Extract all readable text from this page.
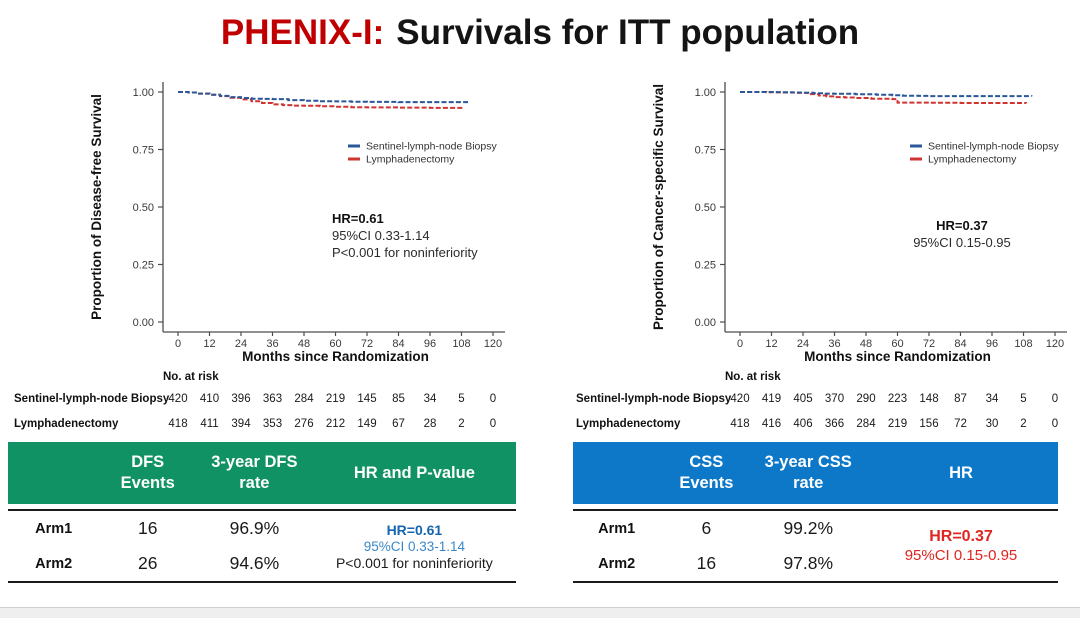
PHENIX-I: Survivals for ITT population
0.00
0.25
0.50
0.75
1.00
0 12 24 36 48 60 72 84 96 108 120
Proportion of Disease-free Survival
Months since Randomization
Sentinel-lymph-node Biopsy
Lymphadenectomy
HR=0.61
95%CI 0.33-1.14
P<0.001 for noninferiority
No. at risk
Sentinel-lymph-node Biopsy 420 410 396 363 284 219 145 85 34 5 0
Lymphadenectomy	418 411 394 353 276 212 149 67 28 2 0
0.00
0.25
0.50
0.75
1.00
0 12 24 36 48 60 72 84 96 108 120
Proportion of Cancer-specific Survival
Months since Randomization
Sentinel-lymph-node Biopsy
Lymphadenectomy
HR=0.37
95%CI 0.15-0.95
No. at risk
Sentinel-lymph-node Biopsy 420 419 405 370 290 223 148 87 34 5 0
Lymphadenectomy	418 416 406 366 284 219 156 72 30 2 0
DFS
Events
3-year DFS
rate
HR and P-value
Arm1	16	96.9%
Arm2	26	94.6%
HR=0.61
95%CI 0.33-1.14
P<0.001 for noninferiority
CSS
Events
3-year CSS
rate
HR
Arm1	6	99.2%
Arm2	16	97.8%
HR=0.37
95%CI 0.15-0.95
